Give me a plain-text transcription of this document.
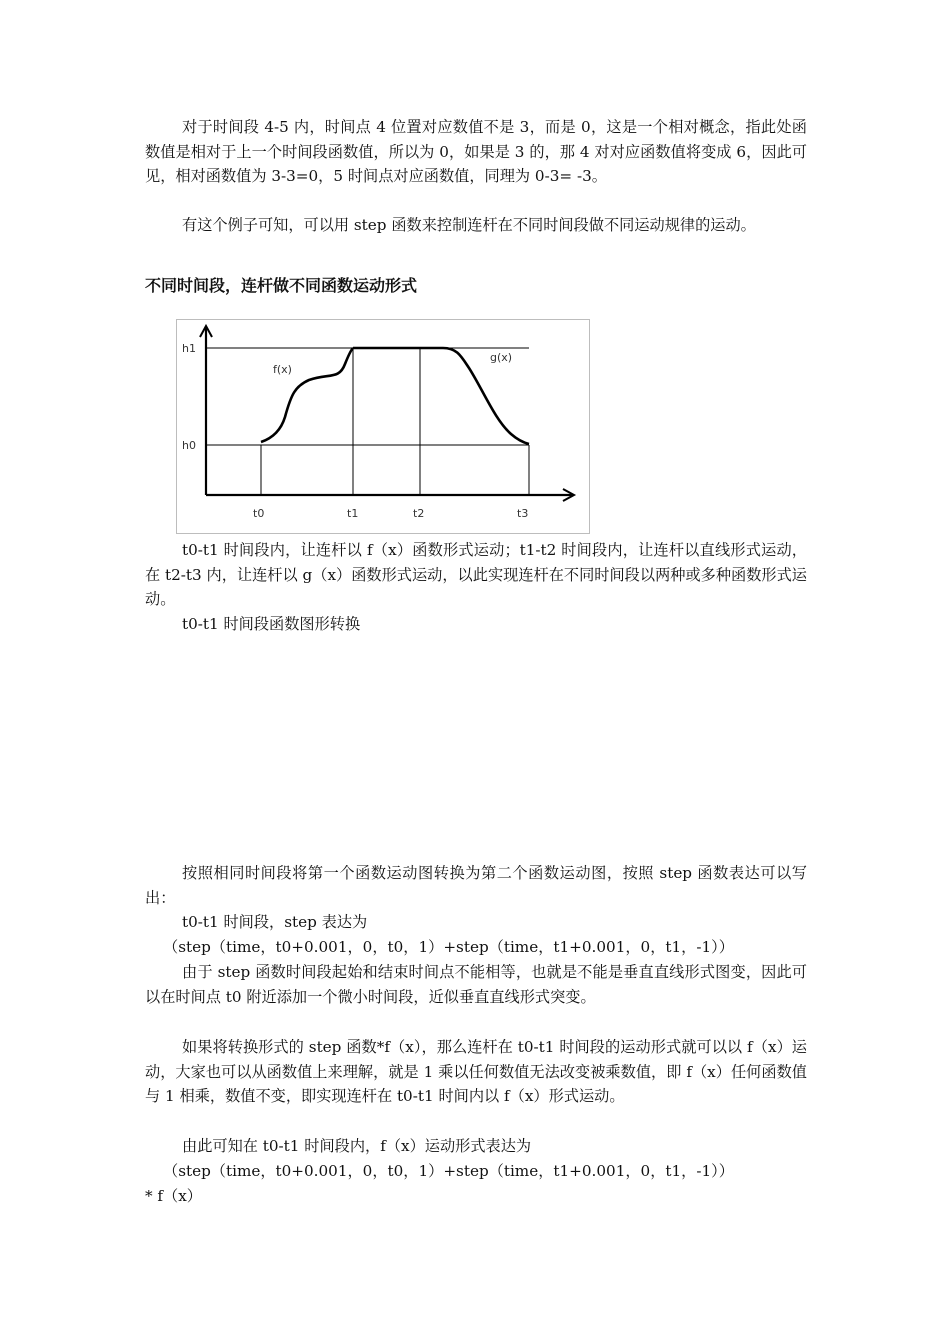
对于时间段 4-5 内，时间点 4 位置对应数值不是 3，而是 0，这是一个相对概念，指此处函数值是相对于上一个时间段函数值，所以为 0，如果是 3 的，那 4 对对应函数值将变成 6，因此可见，相对函数值为 3-3=0，5 时间点对应函数值，同理为 0-3= -3。

有这个例子可知，可以用 step 函数来控制连杆在不同时间段做不同运动规律的运动。

不同时间段，连杆做不同函数运动形式
h1
h0
t0	t1	t2	t3
f(x)
g(x)

t0-t1 时间段内，让连杆以 f（x）函数形式运动；t1-t2 时间段内，让连杆以直线形式运动，在 t2-t3 内，让连杆以 g（x）函数形式运动，以此实现连杆在不同时间段以两种或多种函数形式运动。

t0-t1 时间段函数图形转换

按照相同时间段将第一个函数运动图转换为第二个函数运动图，按照 step 函数表达可以写出：

t0-t1 时间段，step 表达为

（step（time，t0+0.001，0，t0，1）+step（time，t1+0.001，0，t1，-1））

由于 step 函数时间段起始和结束时间点不能相等，也就是不能是垂直直线形式图变，因此可以在时间点 t0 附近添加一个微小时间段，近似垂直直线形式突变。

如果将转换形式的 step 函数*f（x），那么连杆在 t0-t1 时间段的运动形式就可以以 f（x）运动，大家也可以从函数值上来理解，就是 1 乘以任何数值无法改变被乘数值，即 f（x）任何函数值与 1 相乘，数值不变，即实现连杆在 t0-t1 时间内以 f（x）形式运动。

由此可知在 t0-t1 时间段内，f（x）运动形式表达为

（step（time，t0+0.001，0，t0，1）+step（time，t1+0.001，0，t1，-1））
* f（x）
